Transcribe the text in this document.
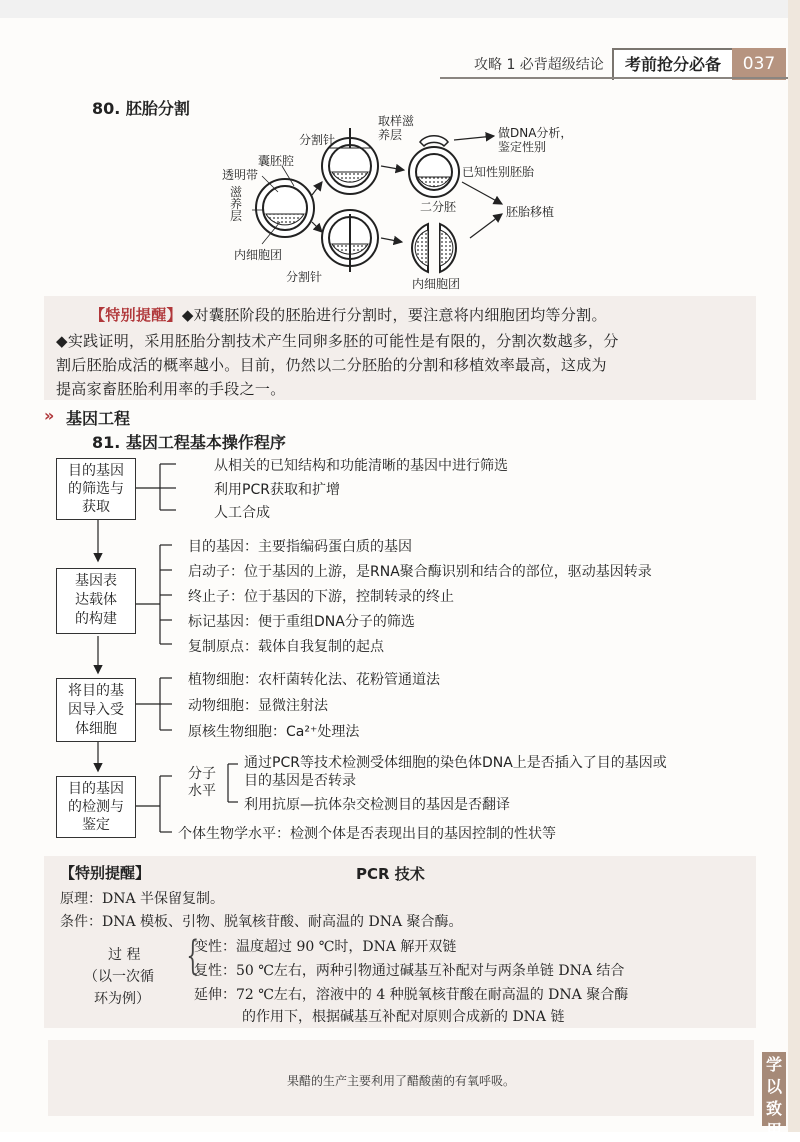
攻略 1 必背超级结论	考前抢分必备	037
80. 胚胎分割
分割针
囊胚腔
透明带
滋
养
层
内细胞团
分割针
取样滋
养层	做DNA分析，
鉴定性别
已知性别胚胎
二分胚	胚胎移植
内细胞团
【特别提醒】◆对囊胚阶段的胚胎进行分割时，要注意将内细胞团均等分割。
◆实践证明，采用胚胎分割技术产生同卵多胚的可能性是有限的，分割次数越多，分
割后胚胎成活的概率越小。目前，仍然以二分胚胎的分割和移植效率最高，这成为
提高家畜胚胎利用率的手段之一。
» 基因工程
81. 基因工程基本操作程序
目的基因
的筛选与
获取
基因表
达载体
的构建
将目的基
因导入受
体细胞
目的基因
的检测与
鉴定
从相关的已知结构和功能清晰的基因中进行筛选
利用PCR获取和扩增
人工合成
目的基因：主要指编码蛋白质的基因
启动子：位于基因的上游，是RNA聚合酶识别和结合的部位，驱动基因转录
终止子：位于基因的下游，控制转录的终止
标记基因：便于重组DNA分子的筛选
复制原点：载体自我复制的起点
植物细胞：农杆菌转化法、花粉管通道法
动物细胞：显微注射法
原核生物细胞：Ca²⁺处理法
分子
水平
通过PCR等技术检测受体细胞的染色体DNA上是否插入了目的基因或
目的基因是否转录
利用抗原—抗体杂交检测目的基因是否翻译
个体生物学水平：检测个体是否表现出目的基因控制的性状等
【特别提醒】	PCR 技术
原理：DNA 半保留复制。
条件：DNA 模板、引物、脱氧核苷酸、耐高温的 DNA 聚合酶。
过 程
（以一次循
环为例）
{
变性：温度超过 90 ℃时，DNA 解开双链
复性：50 ℃左右，两种引物通过碱基互补配对与两条单链 DNA 结合
延伸：72 ℃左右，溶液中的 4 种脱氧核苷酸在耐高温的 DNA 聚合酶
的作用下，根据碱基互补配对原则合成新的 DNA 链
果醋的生产主要利用了醋酸菌的有氧呼吸。
学以致用
